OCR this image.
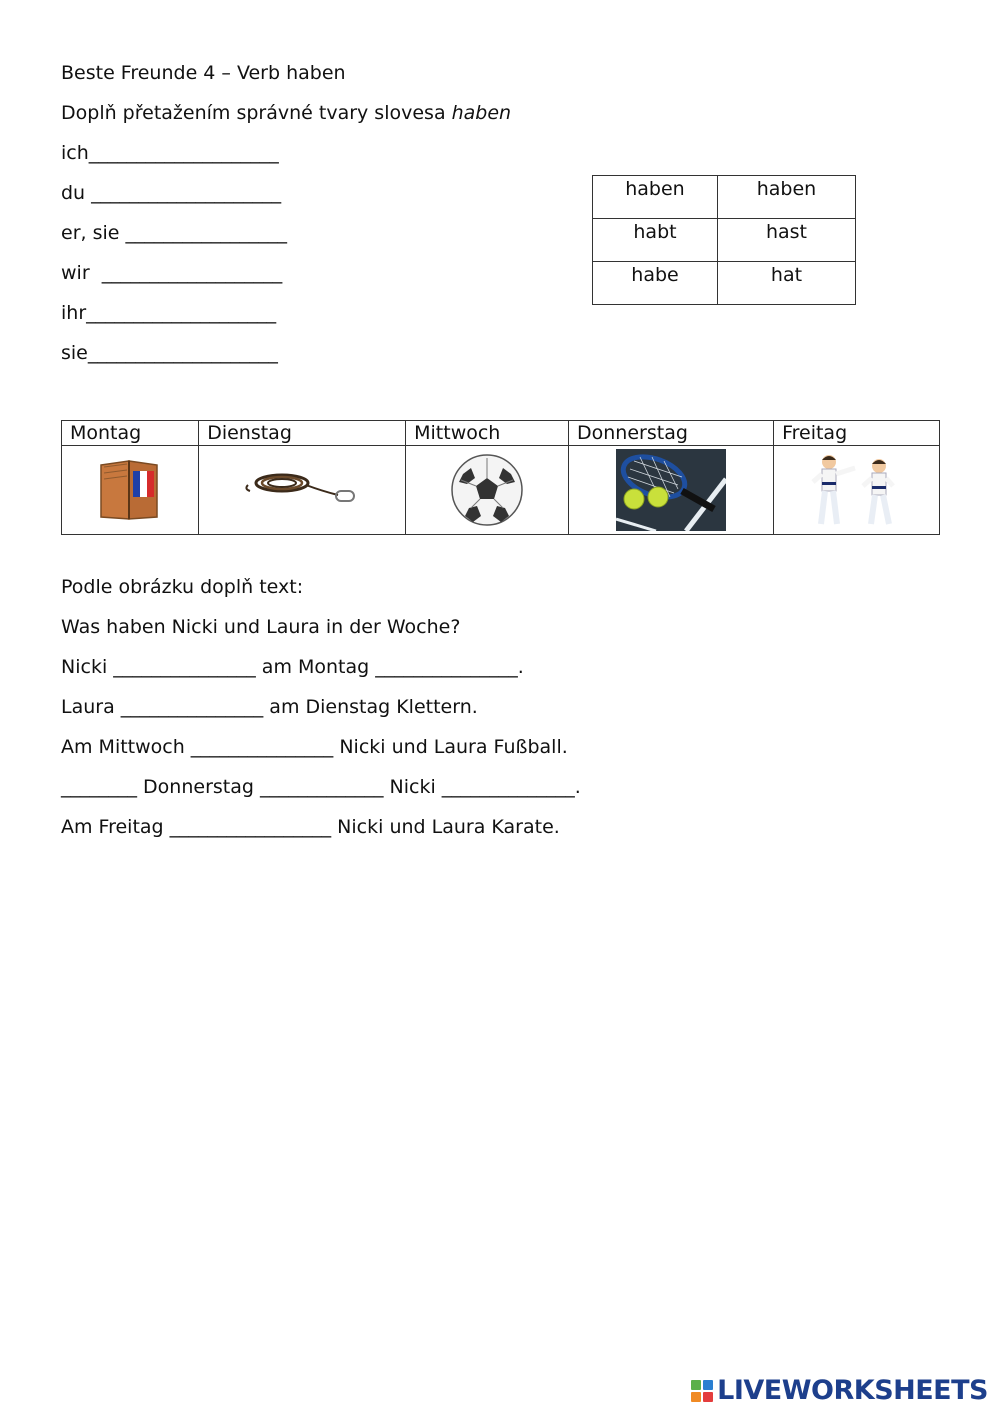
Beste Freunde 4 – Verb haben
Doplň přetažením správné tvary slovesa haben
ich____________________
du ____________________
er, sie _________________
wir  ___________________
ihr____________________
sie____________________
haben	haben
habt	hast
habe	hat
Montag	Dienstag	Mittwoch	Donnerstag	Freitag

Podle obrázku doplň text:
Was haben Nicki und Laura in der Woche?
Nicki _______________ am Montag _______________.
Laura _______________ am Dienstag Klettern.
Am Mittwoch _______________ Nicki und Laura Fußball.
________ Donnerstag _____________ Nicki ______________.
Am Freitag _________________ Nicki und Laura Karate.
LIVEWORKSHEETS
